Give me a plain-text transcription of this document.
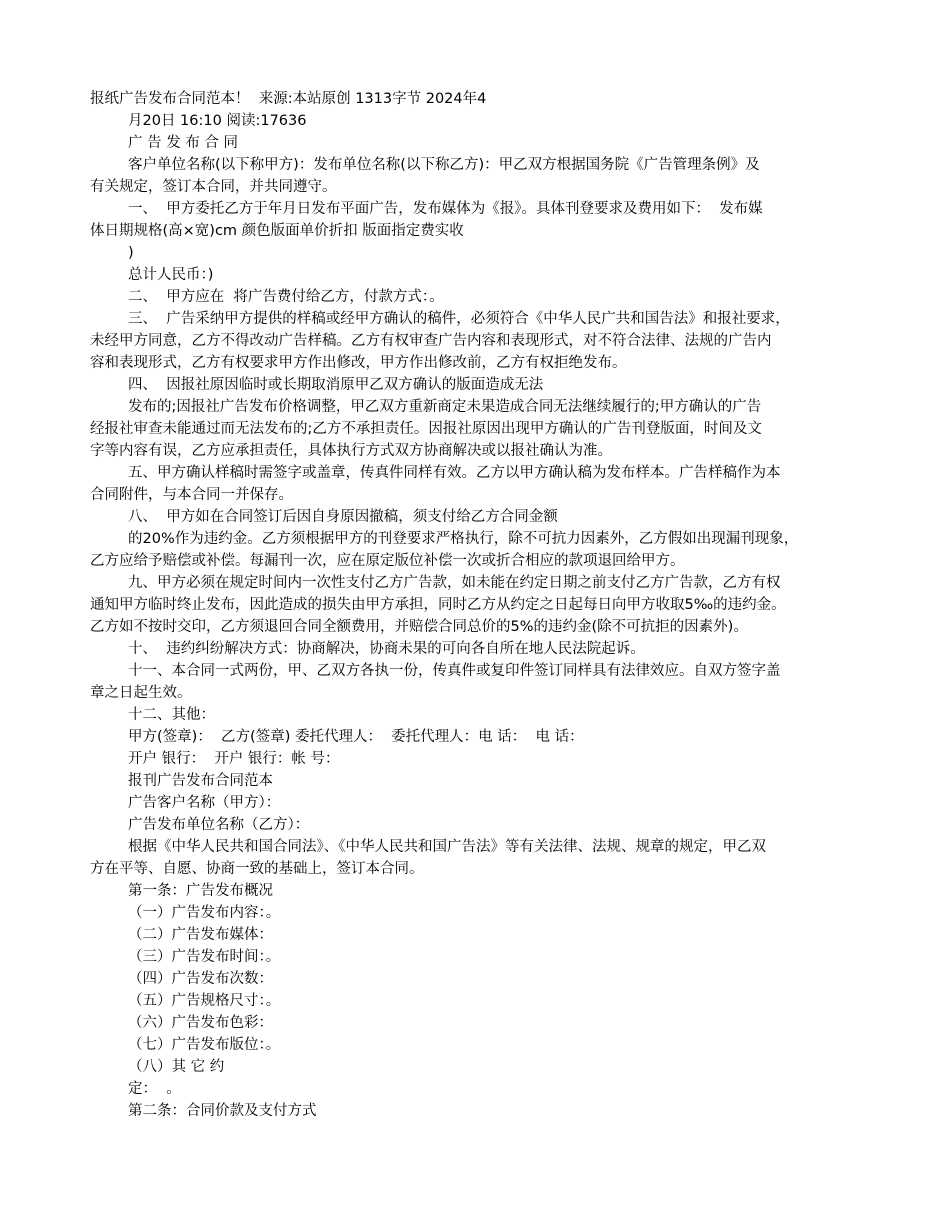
报纸广告发布合同范本！  来源:本站原创 1313字节 2024年4
月20日 16:10 阅读:17636
广 告 发 布 合 同
客户单位名称(以下称甲方)：发布单位名称(以下称乙方)：甲乙双方根据国务院《广告管理条例》及
有关规定，签订本合同，并共同遵守。
一、  甲方委托乙方于年月日发布平面广告，发布媒体为《报》。具体刊登要求及费用如下：  发布媒
体日期规格(高×宽)cm 颜色版面单价折扣 版面指定费实收
)
总计人民币：)
二、  甲方应在  将广告费付给乙方，付款方式：。
三、  广告采纳甲方提供的样稿或经甲方确认的稿件，必须符合《中华人民广共和国告法》和报社要求，
未经甲方同意，乙方不得改动广告样稿。乙方有权审查广告内容和表现形式，对不符合法律、法规的广告内
容和表现形式，乙方有权要求甲方作出修改，甲方作出修改前，乙方有权拒绝发布。
四、  因报社原因临时或长期取消原甲乙双方确认的版面造成无法
发布的;因报社广告发布价格调整，甲乙双方重新商定未果造成合同无法继续履行的;甲方确认的广告
经报社审查未能通过而无法发布的;乙方不承担责任。因报社原因出现甲方确认的广告刊登版面，时间及文
字等内容有误，乙方应承担责任，具体执行方式双方协商解决或以报社确认为准。
五、甲方确认样稿时需签字或盖章，传真件同样有效。乙方以甲方确认稿为发布样本。广告样稿作为本
合同附件，与本合同一并保存。
八、  甲方如在合同签订后因自身原因撤稿，须支付给乙方合同金额
的20%作为违约金。乙方须根据甲方的刊登要求严格执行，除不可抗力因素外，乙方假如出现漏刊现象，
乙方应给予赔偿或补偿。每漏刊一次，应在原定版位补偿一次或折合相应的款项退回给甲方。
九、甲方必须在规定时间内一次性支付乙方广告款，如未能在约定日期之前支付乙方广告款，乙方有权
通知甲方临时终止发布，因此造成的损失由甲方承担，同时乙方从约定之日起每日向甲方收取5‰的违约金。
乙方如不按时交印，乙方须退回合同全额费用，并赔偿合同总价的5%的违约金(除不可抗拒的因素外)。
十、  违约纠纷解决方式：协商解决，协商未果的可向各自所在地人民法院起诉。
十一、本合同一式两份，甲、乙双方各执一份，传真件或复印件签订同样具有法律效应。自双方签字盖
章之日起生效。
十二、其他：
甲方(签章)：  乙方(签章) 委托代理人：  委托代理人：电 话：  电 话：
开户 银行：  开户 银行：帐 号：
报刊广告发布合同范本
广告客户名称（甲方）：
广告发布单位名称（乙方）：
根据《中华人民共和国合同法》、《中华人民共和国广告法》等有关法律、法规、规章的规定，甲乙双
方在平等、自愿、协商一致的基础上，签订本合同。
第一条：广告发布概况
（一）广告发布内容：。
（二）广告发布媒体：
（三）广告发布时间：。
（四）广告发布次数：
（五）广告规格尺寸：。
（六）广告发布色彩：
（七）广告发布版位：。
（八）其 它 约
定：  。
第二条：合同价款及支付方式
